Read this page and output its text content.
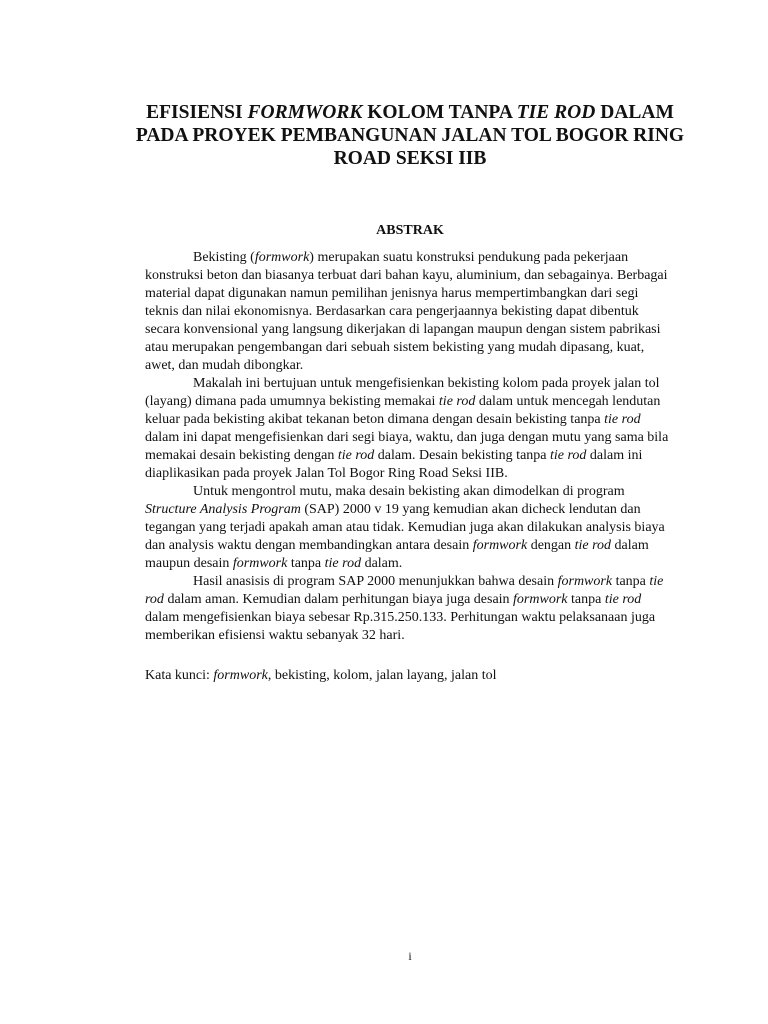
EFISIENSI FORMWORK KOLOM TANPA TIE ROD DALAM PADA PROYEK PEMBANGUNAN JALAN TOL BOGOR RING ROAD SEKSI IIB
ABSTRAK

Bekisting (formwork) merupakan suatu konstruksi pendukung pada pekerjaan konstruksi beton dan biasanya terbuat dari bahan kayu, aluminium, dan sebagainya. Berbagai material dapat digunakan namun pemilihan jenisnya harus mempertimbangkan dari segi teknis dan nilai ekonomisnya. Berdasarkan cara pengerjaannya bekisting dapat dibentuk secara konvensional yang langsung dikerjakan di lapangan maupun dengan sistem pabrikasi atau merupakan pengembangan dari sebuah sistem bekisting yang mudah dipasang, kuat, awet, dan mudah dibongkar.

Makalah ini bertujuan untuk mengefisienkan bekisting kolom pada proyek jalan tol (layang) dimana pada umumnya bekisting memakai tie rod dalam untuk mencegah lendutan keluar pada bekisting akibat tekanan beton dimana dengan desain bekisting tanpa tie rod dalam ini dapat mengefisienkan dari segi biaya, waktu, dan juga dengan mutu yang sama bila memakai desain bekisting dengan tie rod dalam. Desain bekisting tanpa tie rod dalam ini diaplikasikan pada proyek Jalan Tol Bogor Ring Road Seksi IIB.

Untuk mengontrol mutu, maka desain bekisting akan dimodelkan di program Structure Analysis Program (SAP) 2000 v 19 yang kemudian akan dicheck lendutan dan tegangan yang terjadi apakah aman atau tidak. Kemudian juga akan dilakukan analysis biaya dan analysis waktu dengan membandingkan antara desain formwork dengan tie rod dalam maupun desain formwork tanpa tie rod dalam.

Hasil anasisis di program SAP 2000 menunjukkan bahwa desain formwork tanpa tie rod dalam aman. Kemudian dalam perhitungan biaya juga desain formwork tanpa tie rod dalam mengefisienkan biaya sebesar Rp.315.250.133. Perhitungan waktu pelaksanaan juga memberikan efisiensi waktu sebanyak 32 hari.

Kata kunci: formwork, bekisting, kolom, jalan layang, jalan tol

i
